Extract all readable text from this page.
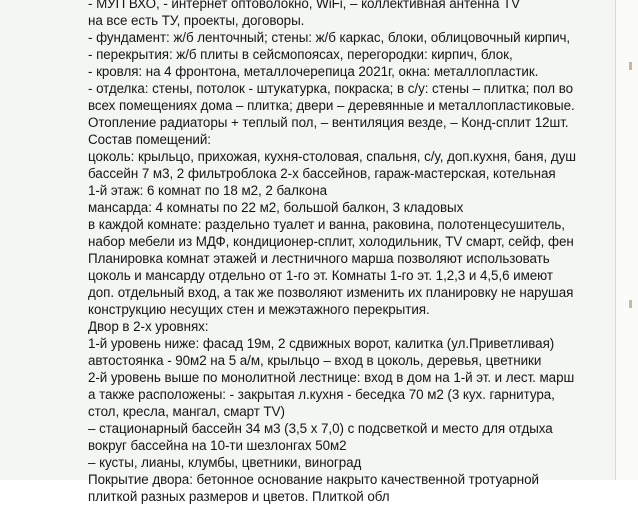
- МУП ВХО, - интернет оптоволокно, WiFi, – коллективная антенна TV
на все есть ТУ, проекты, договоры.
- фундамент: ж/б ленточный; стены: ж/б каркас, блоки, облицовочный кирпич,
- перекрытия: ж/б плиты в сейсмопоясах, перегородки: кирпич, блок,
- кровля: на 4 фронтона, металлочерепица 2021г, окна: металлопластик.
- отделка: стены, потолок - штукатурка, покраска; в с/у: стены – плитка; пол во
всех помещениях дома – плитка; двери – деревянные и металлопластиковые.
Отопление радиаторы + теплый пол, – вентиляция везде, – Конд-сплит 12шт.
Состав помещений:
цоколь: крыльцо, прихожая, кухня-столовая, спальня, с/у, доп.кухня, баня, душ
бассейн 7 м3, 2 фильтроблока 2-х бассейнов, гараж-мастерская, котельная
1-й этаж: 6 комнат по 18 м2, 2 балкона
мансарда: 4 комнаты по 22 м2, большой балкон, 3 кладовых
в каждой комнате: раздельно туалет и ванна, раковина, полотенцесушитель,
набор мебели из МДФ, кондиционер-сплит, холодильник, TV смарт, сейф, фен
Планировка комнат этажей и лестничного марша позволяют использовать
цоколь и мансарду отдельно от 1-го эт. Комнаты 1-го эт. 1,2,3 и 4,5,6 имеют
доп. отдельный вход, а так же позволяют изменить их планировку не нарушая
конструкцию несущих стен и межэтажного перекрытия.
Двор в 2-х уровнях:
1-й уровень ниже: фасад 19м, 2 сдвижных ворот, калитка (ул.Приветливая)
автостоянка - 90м2 на 5 а/м, крыльцо – вход в цоколь, деревья, цветники
2-й уровень выше по монолитной лестнице: вход в дом на 1-й эт. и лест. марш
а также расположены: - закрытая л.кухня - беседка 70 м2 (3 кух. гарнитура,
стол, кресла, мангал, смарт TV)
– стационарный бассейн 34 м3 (3,5 х 7,0) с подсветкой и место для отдыха
вокруг бассейна на 10-ти шезлонгах 50м2
– кусты, лианы, клумбы, цветники, виноград
Покрытие двора: бетонное основание накрыто качественной тротуарной
плиткой разных размеров и цветов. Плиткой обл
